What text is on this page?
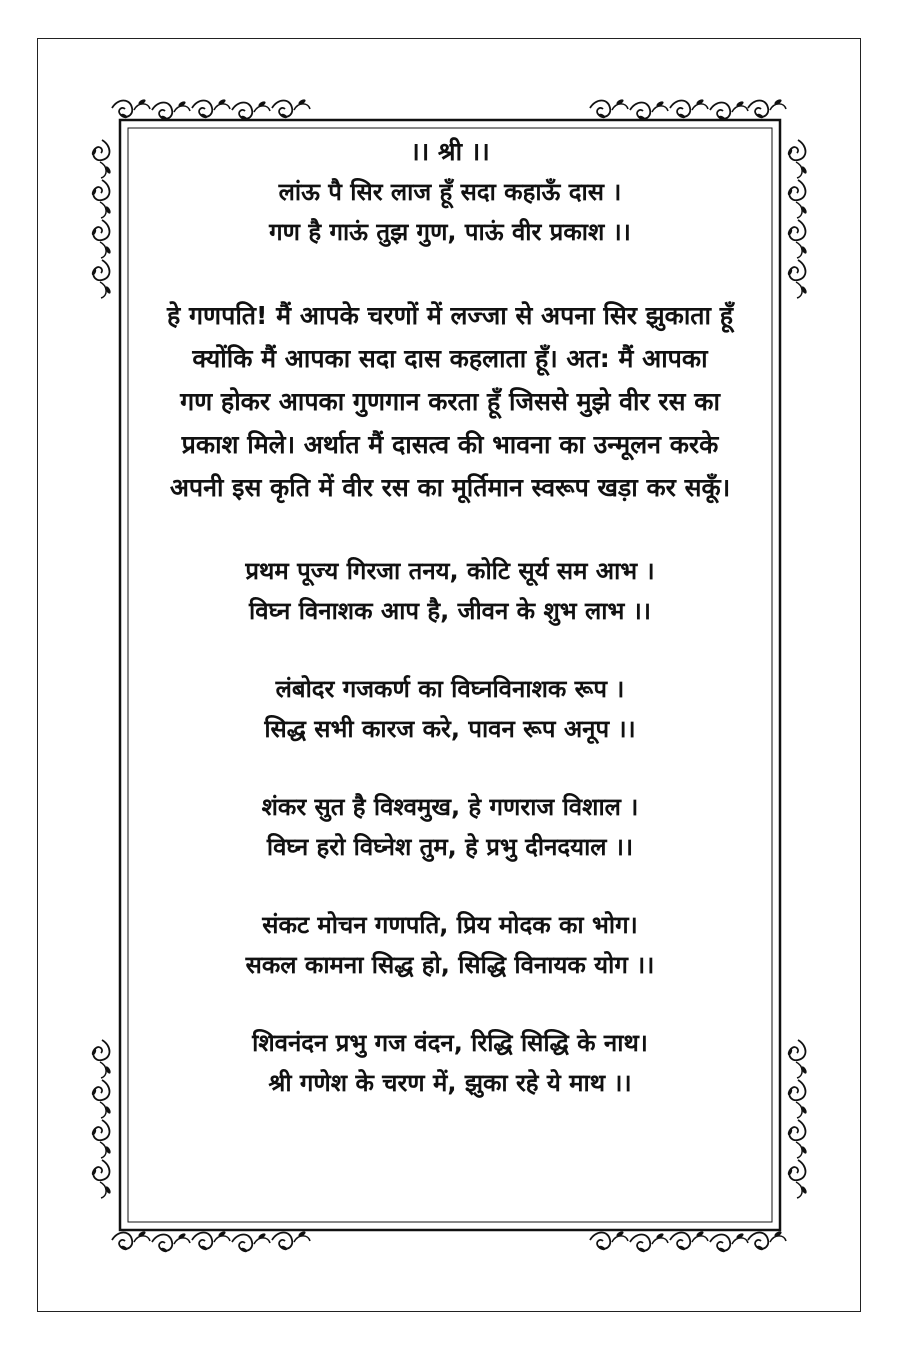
।। श्री ।।

लांऊ पै सिर लाज हूँ सदा कहाऊँ दास ।

गण है गाऊं तुझ गुण, पाऊं वीर प्रकाश ।।

हे गणपति! मैं आपके चरणों में लज्जा से अपना सिर झुकाता हूँ

क्योंकि मैं आपका सदा दास कहलाता हूँ। अत: मैं आपका

गण होकर आपका गुणगान करता हूँ जिससे मुझे वीर रस का

प्रकाश मिले। अर्थात मैं दासत्व की भावना का उन्मूलन करके

अपनी इस कृति में वीर रस का मूर्तिमान स्वरूप खड़ा कर सकूँ।

प्रथम पूज्य गिरजा तनय, कोटि सूर्य सम आभ ।

विघ्न विनाशक आप है, जीवन के शुभ लाभ ।।

लंबोदर गजकर्ण का विघ्नविनाशक रूप ।

सिद्ध सभी कारज करे, पावन रूप अनूप ।।

शंकर सुत है विश्वमुख, हे गणराज विशाल ।

विघ्न हरो विघ्नेश तुम, हे प्रभु दीनदयाल ।।

संकट मोचन गणपति, प्रिय मोदक का भोग।

सकल कामना सिद्ध हो, सिद्धि विनायक योग ।।

शिवनंदन प्रभु गज वंदन, रिद्धि सिद्धि के नाथ।

श्री गणेश के चरण में, झुका रहे ये माथ ।।
